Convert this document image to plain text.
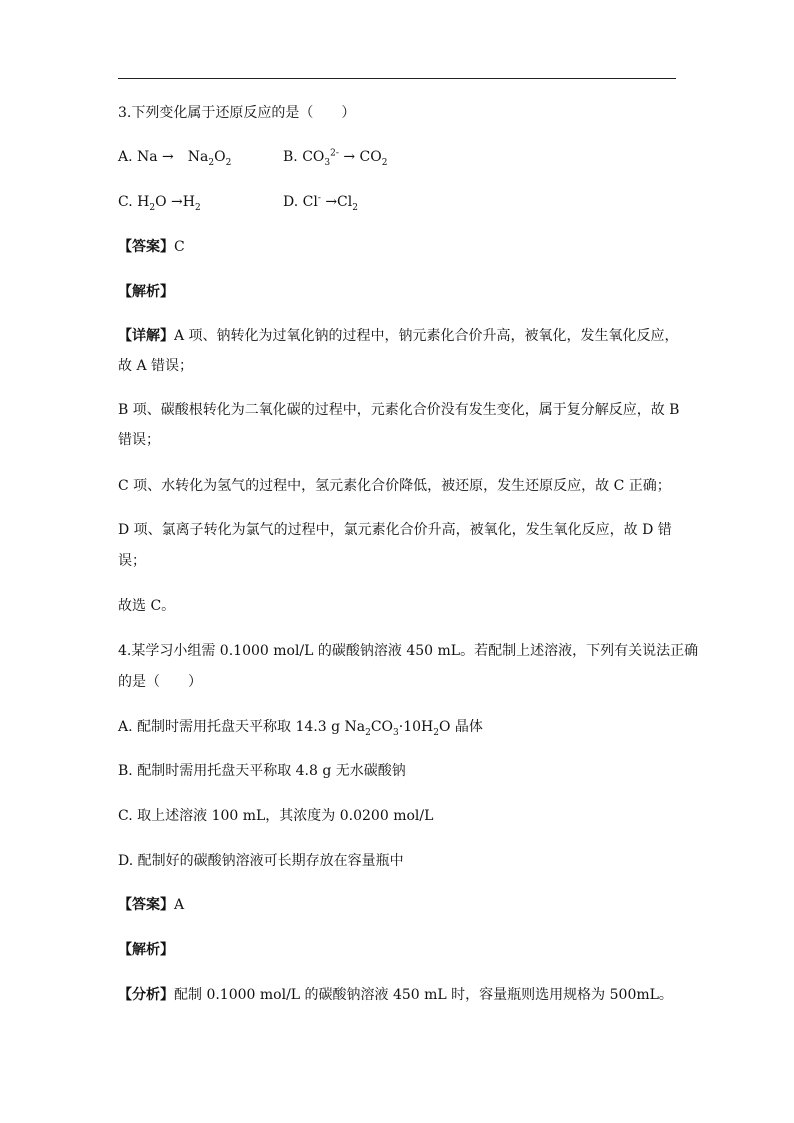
3.下列变化属于还原反应的是（　　）
A. Na →　$Na_2O_2$	B. $CO_3^{2-} \to CO_2$
C. $H_2O \to H_2$	D. $Cl^- \to Cl_2$
【答案】C
【解析】
【详解】A 项、钠转化为过氧化钠的过程中，钠元素化合价升高，被氧化，发生氧化反应，
故 A 错误；
B 项、碳酸根转化为二氧化碳的过程中，元素化合价没有发生变化，属于复分解反应，故 B
错误；
C 项、水转化为氢气的过程中，氢元素化合价降低，被还原，发生还原反应，故 C 正确；
D 项、氯离子转化为氯气的过程中，氯元素化合价升高，被氧化，发生氧化反应，故 D 错
误；
故选 C。
4.某学习小组需 0.1000 mol/L 的碳酸钠溶液 450 mL。若配制上述溶液，下列有关说法正确
的是（　　）
A. 配制时需用托盘天平称取 14.3 g $Na_2CO_3\cdot 10H_2O$ 晶体
B. 配制时需用托盘天平称取 4.8 g 无水碳酸钠
C. 取上述溶液 100 mL，其浓度为 0.0200 mol/L
D. 配制好的碳酸钠溶液可长期存放在容量瓶中
【答案】A
【解析】
【分析】配制 0.1000 mol/L 的碳酸钠溶液 450 mL 时，容量瓶则选用规格为 500mL。
